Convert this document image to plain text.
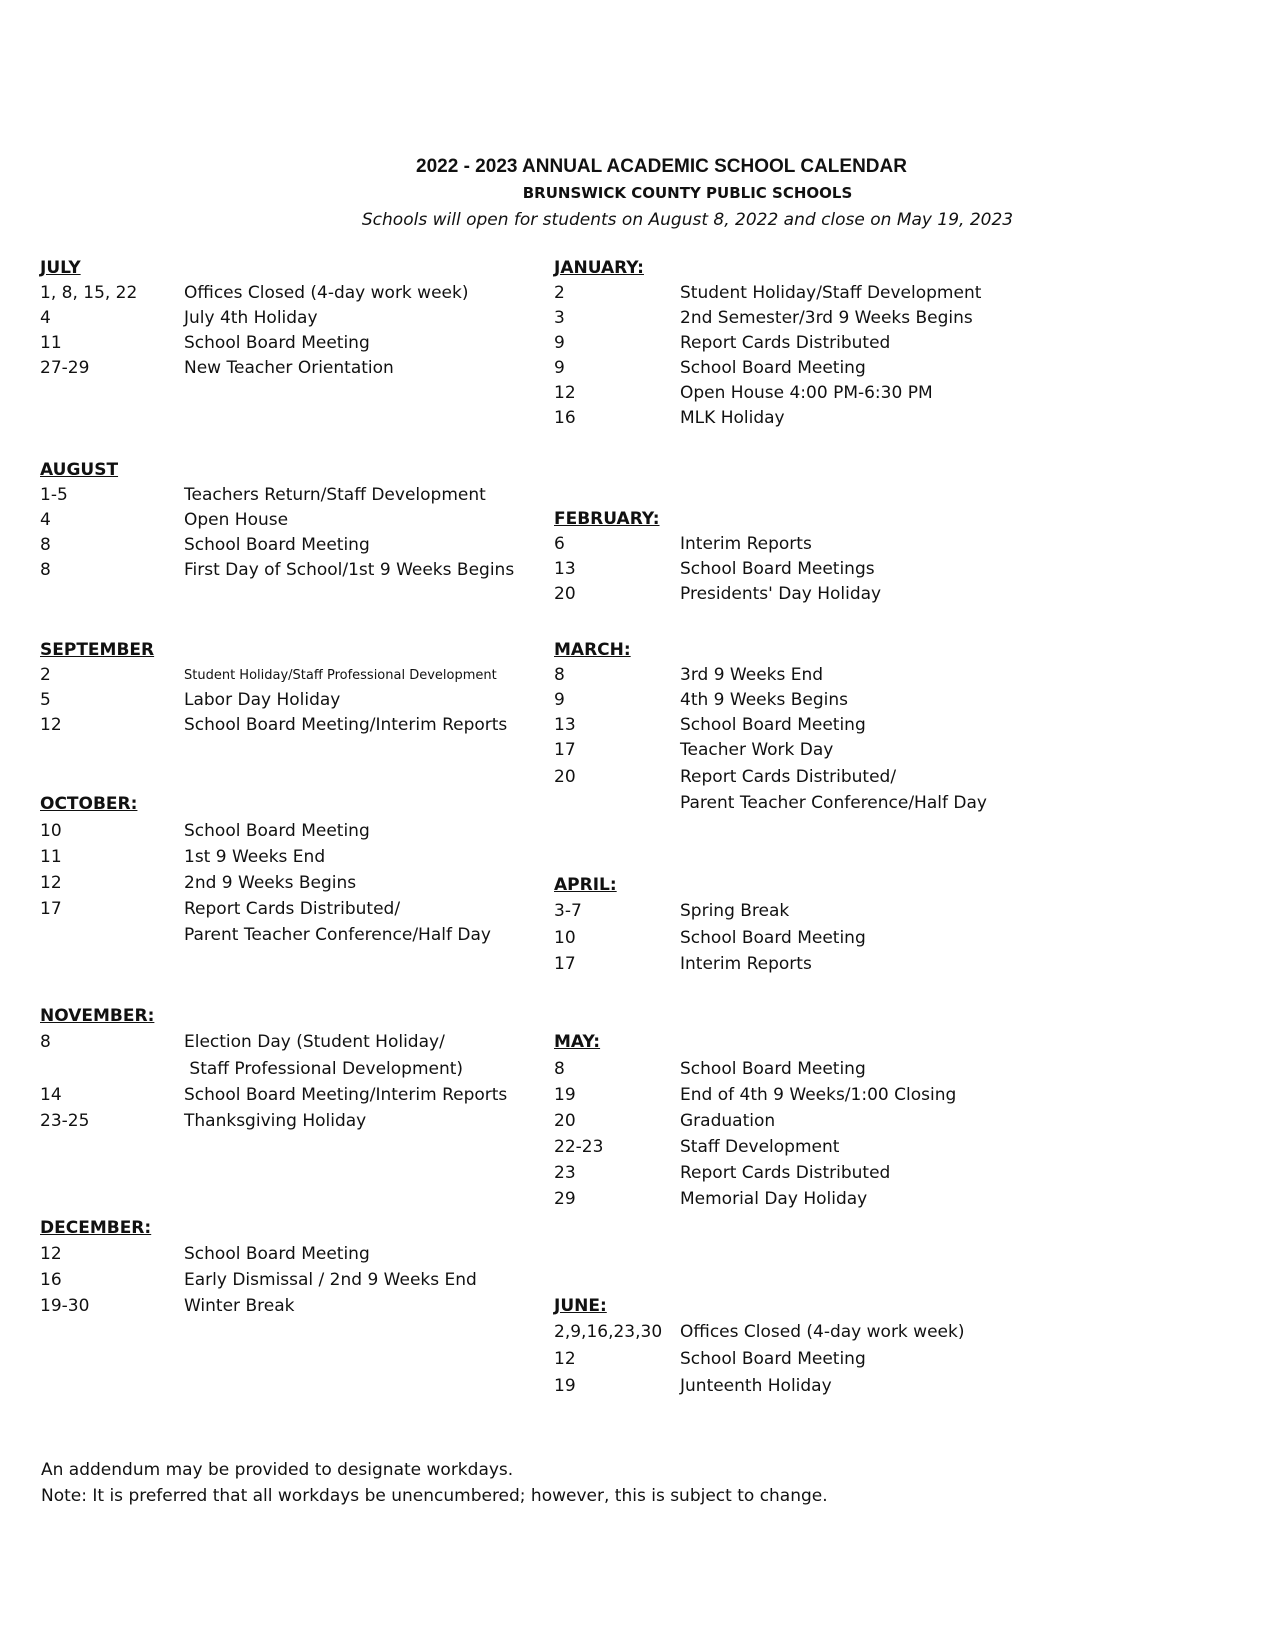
2022 - 2023 ANNUAL ACADEMIC SCHOOL CALENDAR
BRUNSWICK COUNTY PUBLIC SCHOOLS
Schools will open for students on August 8, 2022 and close on May 19, 2023
JULY
1, 8, 15, 22	Offices Closed (4-day work week)
4	July 4th Holiday
11	School Board Meeting
27-29	New Teacher Orientation
AUGUST
1-5	Teachers Return/Staff Development
4	Open House
8	School Board Meeting
8	First Day of School/1st 9 Weeks Begins
SEPTEMBER
2	Student Holiday/Staff Professional Development
5	Labor Day Holiday
12	School Board Meeting/Interim Reports
OCTOBER:
10	School Board Meeting
11	1st 9 Weeks End
12	2nd 9 Weeks Begins
17	Report Cards Distributed/
Parent Teacher Conference/Half Day
NOVEMBER:
8	Election Day (Student Holiday/
Staff Professional Development)
14	School Board Meeting/Interim Reports
23-25	Thanksgiving Holiday
DECEMBER:
12	School Board Meeting
16	Early Dismissal / 2nd 9 Weeks End
19-30	Winter Break
JANUARY:
2	Student Holiday/Staff Development
3	2nd Semester/3rd 9 Weeks Begins
9	Report Cards Distributed
9	School Board Meeting
12	Open House 4:00 PM-6:30 PM
16	MLK Holiday
FEBRUARY:
6	Interim Reports
13	School Board Meetings
20	Presidents' Day Holiday
MARCH:
8	3rd 9 Weeks End
9	4th 9 Weeks Begins
13	School Board Meeting
17	Teacher Work Day
20	Report Cards Distributed/
Parent Teacher Conference/Half Day
APRIL:
3-7	Spring Break
10	School Board Meeting
17	Interim Reports
MAY:
8	School Board Meeting
19	End of 4th 9 Weeks/1:00 Closing
20	Graduation
22-23	Staff Development
23	Report Cards Distributed
29	Memorial Day Holiday
JUNE:
2,9,16,23,30 Offices Closed (4-day work week)
12	School Board Meeting
19	Junteenth Holiday
An addendum may be provided to designate workdays.
Note: It is preferred that all workdays be unencumbered; however, this is subject to change.
